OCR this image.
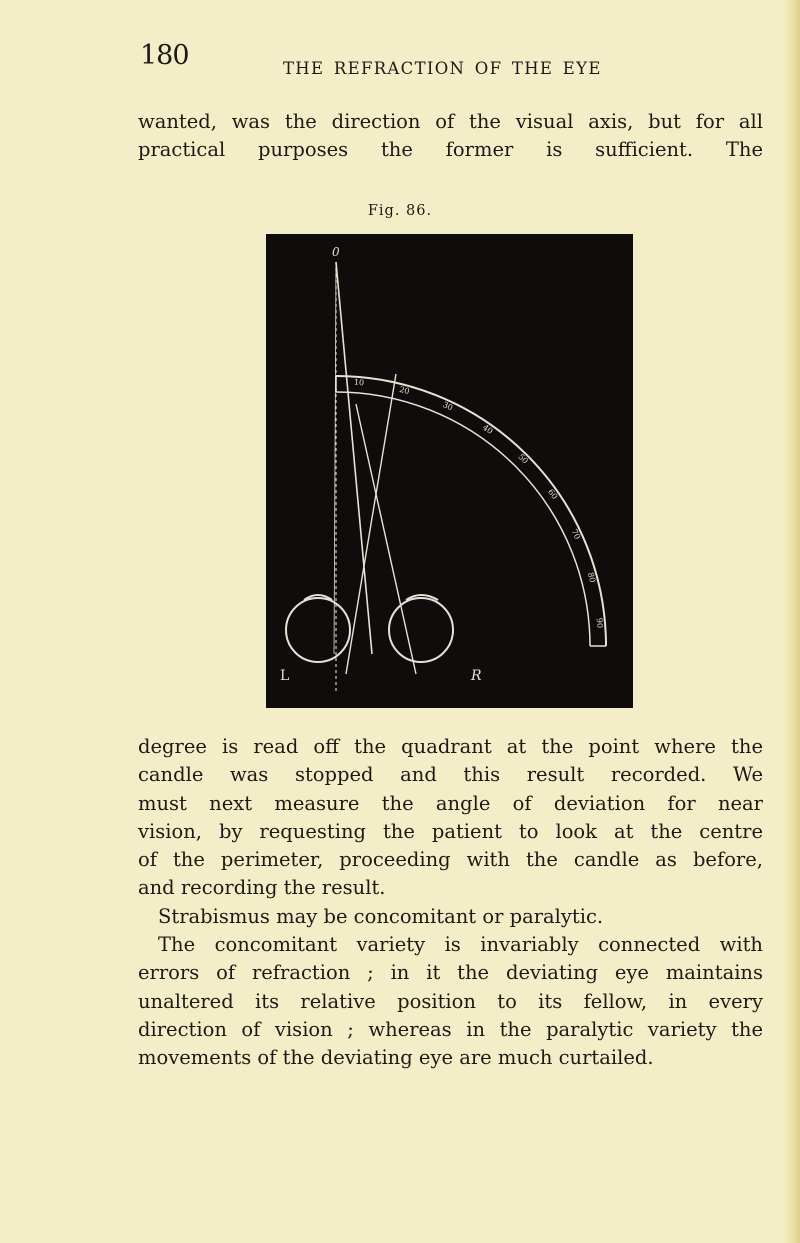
180	THE REFRACTION OF THE EYE
wanted, was the direction of the visual axis, but for all
practical purposes the former is sufficient. The
Fig. 86.
L	R
0
10
20
30
40
50
60
70
80
90
degree is read off the quadrant at the point where the
candle was stopped and this result recorded. We
must next measure the angle of deviation for near
vision, by requesting the patient to look at the centre
of the perimeter, proceeding with the candle as before,
and recording the result.
Strabismus may be concomitant or paralytic.
The concomitant variety is invariably connected with
errors of refraction ; in it the deviating eye maintains
unaltered its relative position to its fellow, in every
direction of vision ; whereas in the paralytic variety the
movements of the deviating eye are much curtailed.
